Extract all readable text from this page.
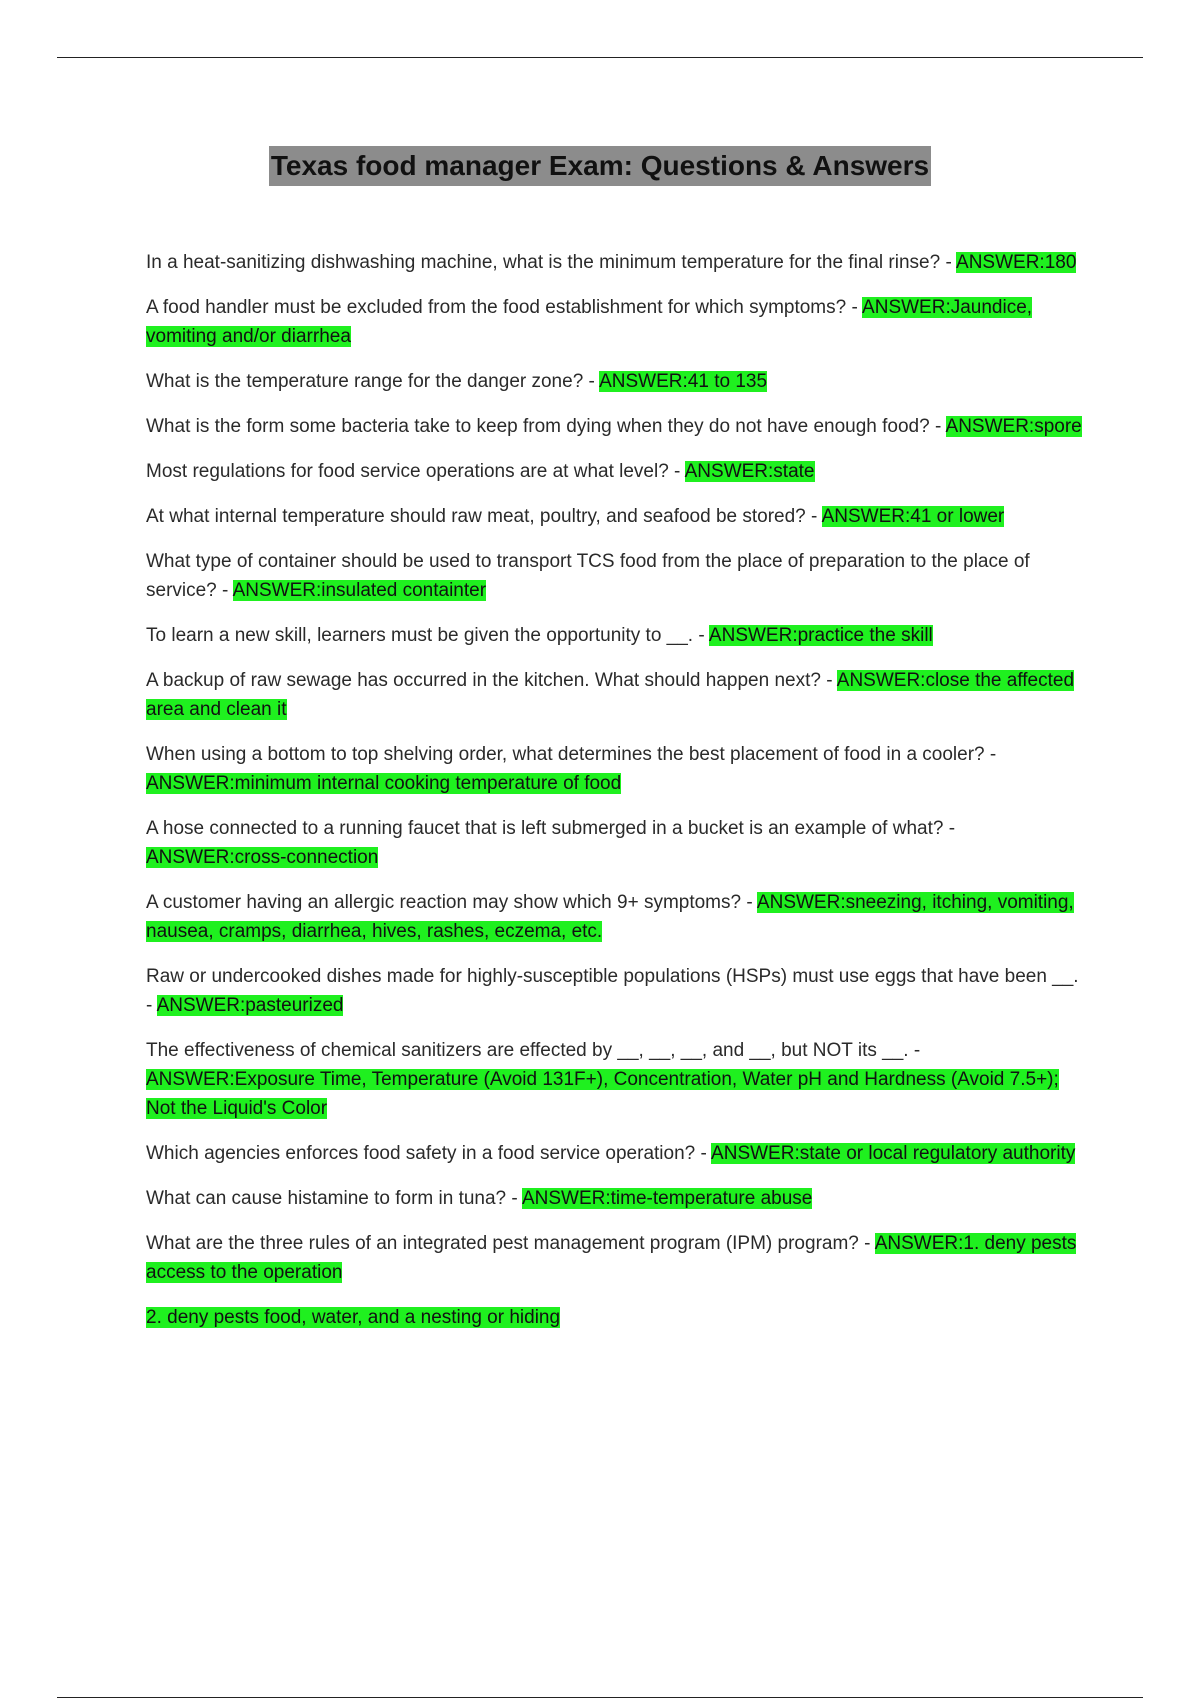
Texas food manager Exam: Questions & Answers

In a heat-sanitizing dishwashing machine, what is the minimum temperature for the final rinse? - ANSWER:180

A food handler must be excluded from the food establishment for which symptoms? - ANSWER:Jaundice, vomiting and/or diarrhea

What is the temperature range for the danger zone? - ANSWER:41 to 135

What is the form some bacteria take to keep from dying when they do not have enough food? - ANSWER:spore

Most regulations for food service operations are at what level? - ANSWER:state

At what internal temperature should raw meat, poultry, and seafood be stored? - ANSWER:41 or lower

What type of container should be used to transport TCS food from the place of preparation to the place of service? - ANSWER:insulated containter

To learn a new skill, learners must be given the opportunity to __. - ANSWER:practice the skill

A backup of raw sewage has occurred in the kitchen. What should happen next? - ANSWER:close the affected area and clean it

When using a bottom to top shelving order, what determines the best placement of food in a cooler? - ANSWER:minimum internal cooking temperature of food

A hose connected to a running faucet that is left submerged in a bucket is an example of what? - ANSWER:cross-connection

A customer having an allergic reaction may show which 9+ symptoms? - ANSWER:sneezing, itching, vomiting, nausea, cramps, diarrhea, hives, rashes, eczema, etc.

Raw or undercooked dishes made for highly-susceptible populations (HSPs) must use eggs that have been __. - ANSWER:pasteurized

The effectiveness of chemical sanitizers are effected by __, __, __, and __, but NOT its __. - ANSWER:Exposure Time, Temperature (Avoid 131F+), Concentration, Water pH and Hardness (Avoid 7.5+); Not the Liquid's Color

Which agencies enforces food safety in a food service operation? - ANSWER:state or local regulatory authority

What can cause histamine to form in tuna? - ANSWER:time-temperature abuse

What are the three rules of an integrated pest management program (IPM) program? - ANSWER:1. deny pests access to the operation

2. deny pests food, water, and a nesting or hiding
